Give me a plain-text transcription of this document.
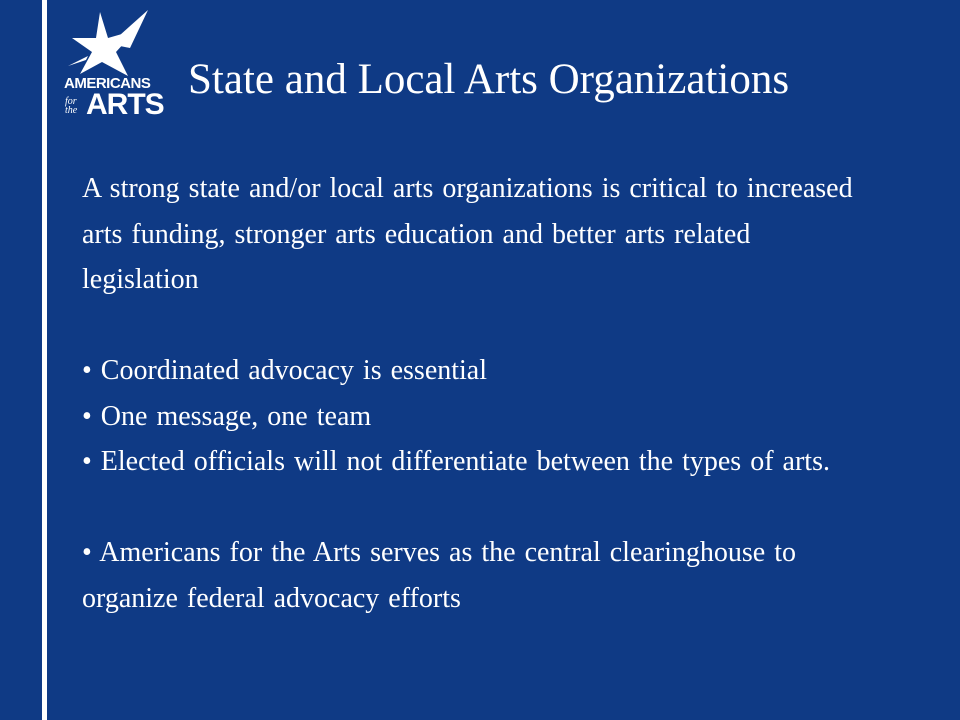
AMERICANS
for the ARTS
State and Local Arts Organizations

A strong state and/or local arts organizations is critical to increased arts funding, stronger arts education and better arts related legislation

• Coordinated advocacy is essential

• One message, one team

• Elected officials will not differentiate between the types of arts.

• Americans for the Arts serves as the central clearinghouse to organize federal advocacy efforts
